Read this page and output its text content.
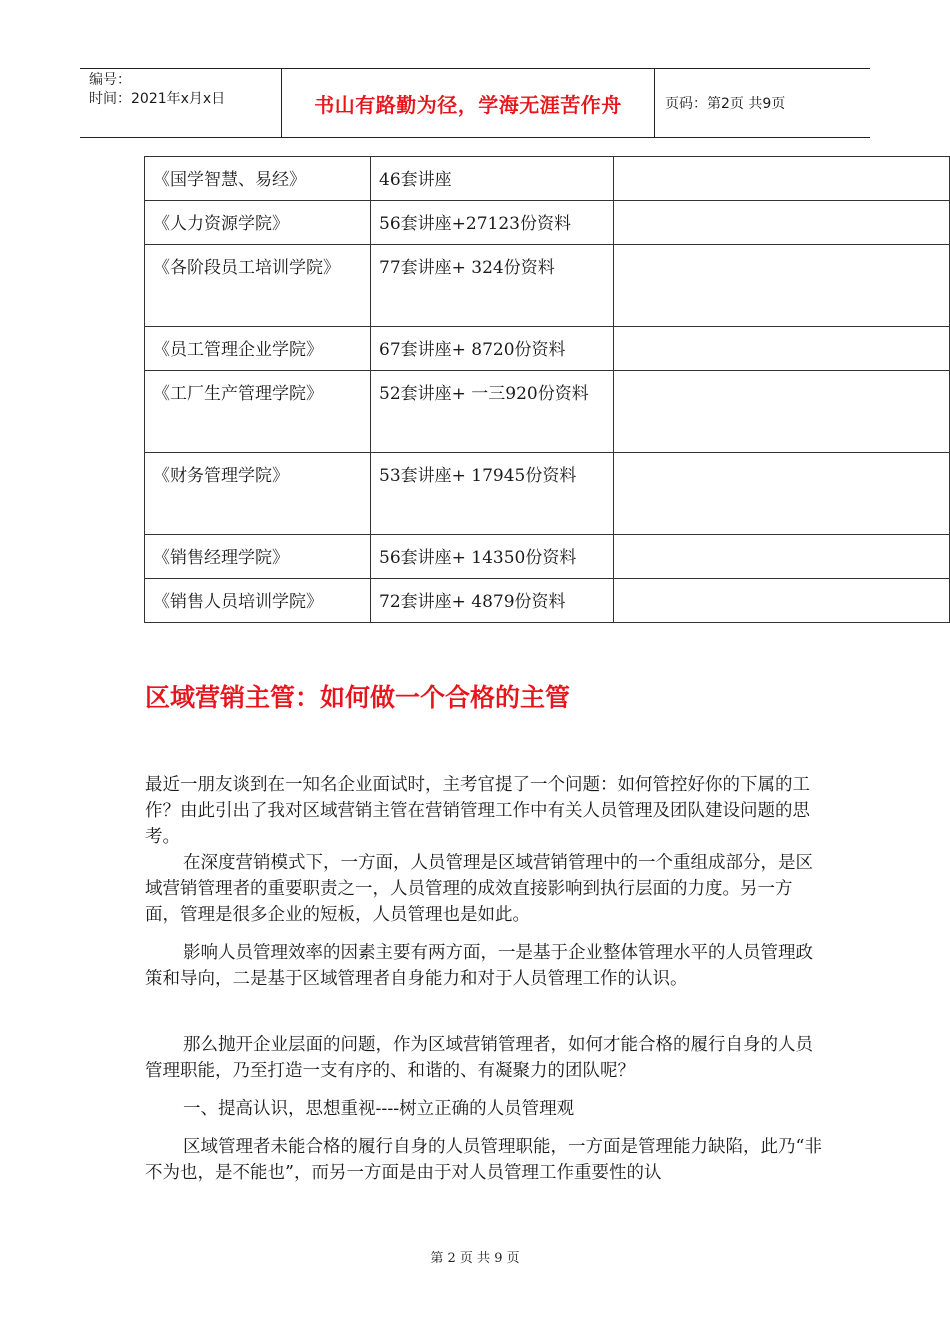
编号：
时间：2021年x月x日	书山有路勤为径，学海无涯苦作舟	页码：第2页 共9页
《国学智慧、易经》	46套讲座	
《人力资源学院》	56套讲座+27123份资料	
《各阶段员工培训学院》	77套讲座+ 324份资料	
《员工管理企业学院》	67套讲座+ 8720份资料	
《工厂生产管理学院》	52套讲座+ 一三920份资料	
《财务管理学院》	53套讲座+ 17945份资料	
《销售经理学院》	56套讲座+ 14350份资料	
《销售人员培训学院》	72套讲座+ 4879份资料	
区域营销主管：如何做一个合格的主管

最近一朋友谈到在一知名企业面试时，主考官提了一个问题：如何管控好你的下属的工作？由此引出了我对区域营销主管在营销管理工作中有关人员管理及团队建设问题的思考。

在深度营销模式下，一方面，人员管理是区域营销管理中的一个重组成部分，是区域营销管理者的重要职责之一，人员管理的成效直接影响到执行层面的力度。另一方面，管理是很多企业的短板，人员管理也是如此。

影响人员管理效率的因素主要有两方面，一是基于企业整体管理水平的人员管理政策和导向，二是基于区域管理者自身能力和对于人员管理工作的认识。

那么抛开企业层面的问题，作为区域营销管理者，如何才能合格的履行自身的人员管理职能，乃至打造一支有序的、和谐的、有凝聚力的团队呢？

一、提高认识，思想重视----树立正确的人员管理观

区域管理者未能合格的履行自身的人员管理职能，一方面是管理能力缺陷，此乃“非不为也，是不能也”，而另一方面是由于对人员管理工作重要性的认

第 2 页 共 9 页
